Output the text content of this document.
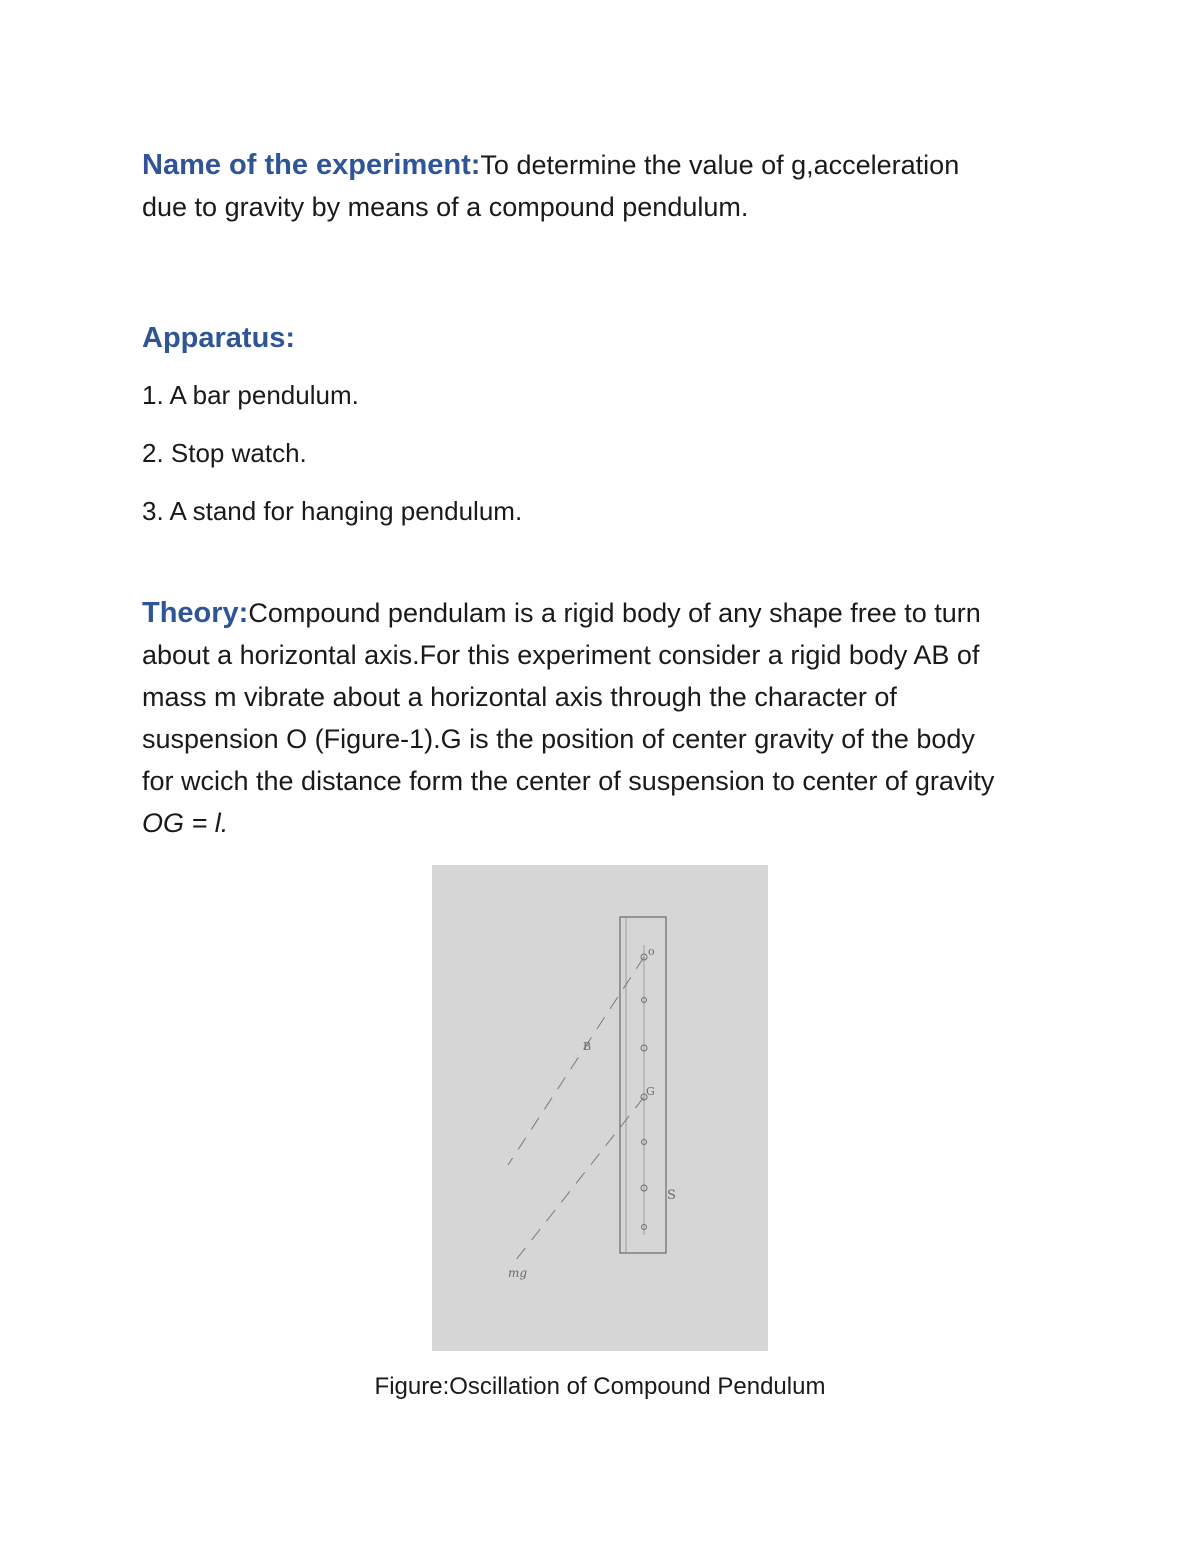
Name of the experiment:To determine the value of g,acceleration
due to gravity by means of a compound pendulum.

Apparatus:

1. A bar pendulum.

2. Stop watch.

3. A stand for hanging pendulum.

Theory:Compound pendulam is a rigid body of any shape free to turn
about a horizontal axis.For this experiment consider a rigid body AB of
mass m vibrate about a horizontal axis through the character of
suspension O (Figure-1).G is the position of center gravity of the body
for wcich the distance form the center of suspension to center of gravity
OG = l.

o
B
G
S
mg
Figure:Oscillation of Compound Pendulum
